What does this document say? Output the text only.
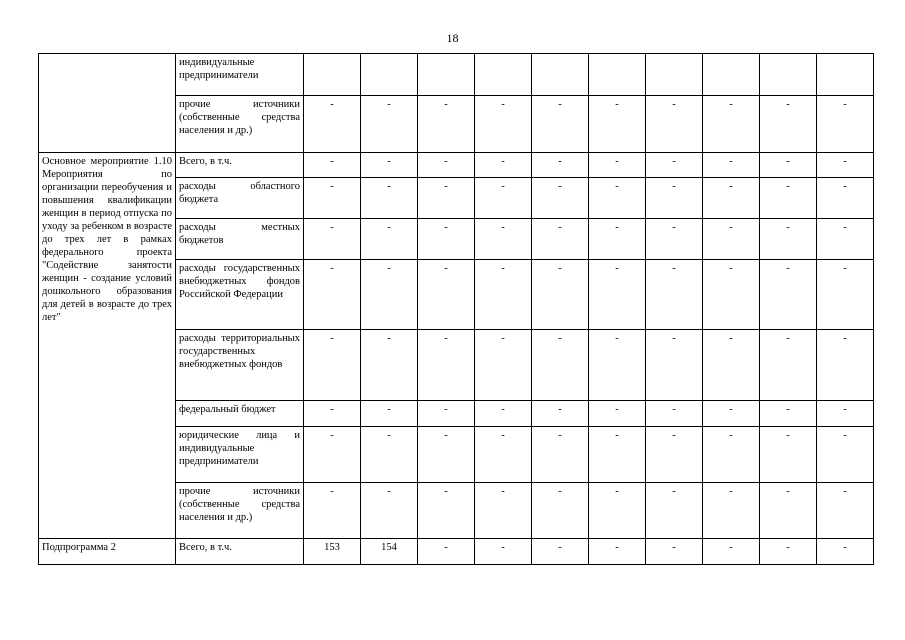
18
	индивидуальные предприниматели										
	прочие источники (собственные средства населения и др.)	-	-	-	-	-	-	-	-	-	-
Основное мероприятие 1.10 Мероприятия по организации переобучения и повышения квалификации женщин в период отпуска по уходу за ребенком в возрасте до трех лет в рамках федерального проекта "Содействие занятости женщин - создание условий дошкольного образования для детей в возрасте до трех лет"	Всего, в т.ч.	-	-	-	-	-	-	-	-	-	-
	расходы областного бюджета	-	-	-	-	-	-	-	-	-	-
	расходы местных бюджетов	-	-	-	-	-	-	-	-	-	-
	расходы государственных внебюджетных фондов Российской Федерации	-	-	-	-	-	-	-	-	-	-
	расходы территориальных государственных внебюджетных фондов	-	-	-	-	-	-	-	-	-	-
	федеральный бюджет	-	-	-	-	-	-	-	-	-	-
	юридические лица и индивидуальные предприниматели	-	-	-	-	-	-	-	-	-	-
	прочие источники (собственные средства населения и др.)	-	-	-	-	-	-	-	-	-	-
Подпрограмма 2	Всего, в т.ч.	153	154	-	-	-	-	-	-	-	-
